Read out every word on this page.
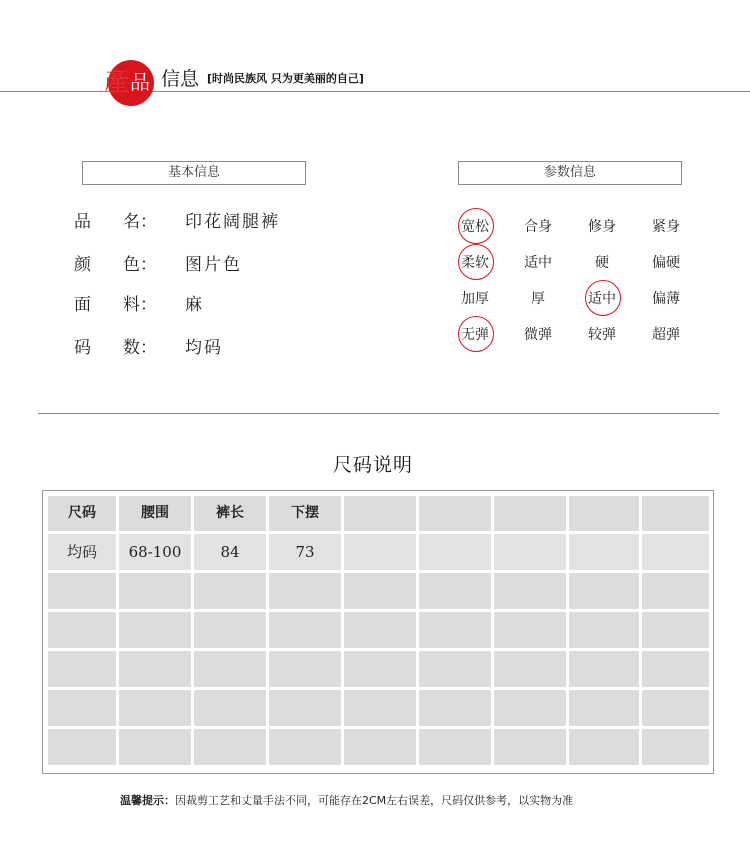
產 品 信息 [时尚民族风 只为更美丽的自己]
基本信息
品 名： 印花阔腿裤
颜 色： 图片色
面 料： 麻
码 数： 均码
参数信息
宽松	合身	修身	紧身
柔软	适中	硬	偏硬
加厚	厚	适中	偏薄
无弹	微弹	较弹	超弹
尺码说明
尺码	腰围	裤长	下摆
均码	68-100	84	73
温馨提示：因裁剪工艺和丈量手法不同，可能存在2CM左右误差，尺码仅供参考，以实物为准
